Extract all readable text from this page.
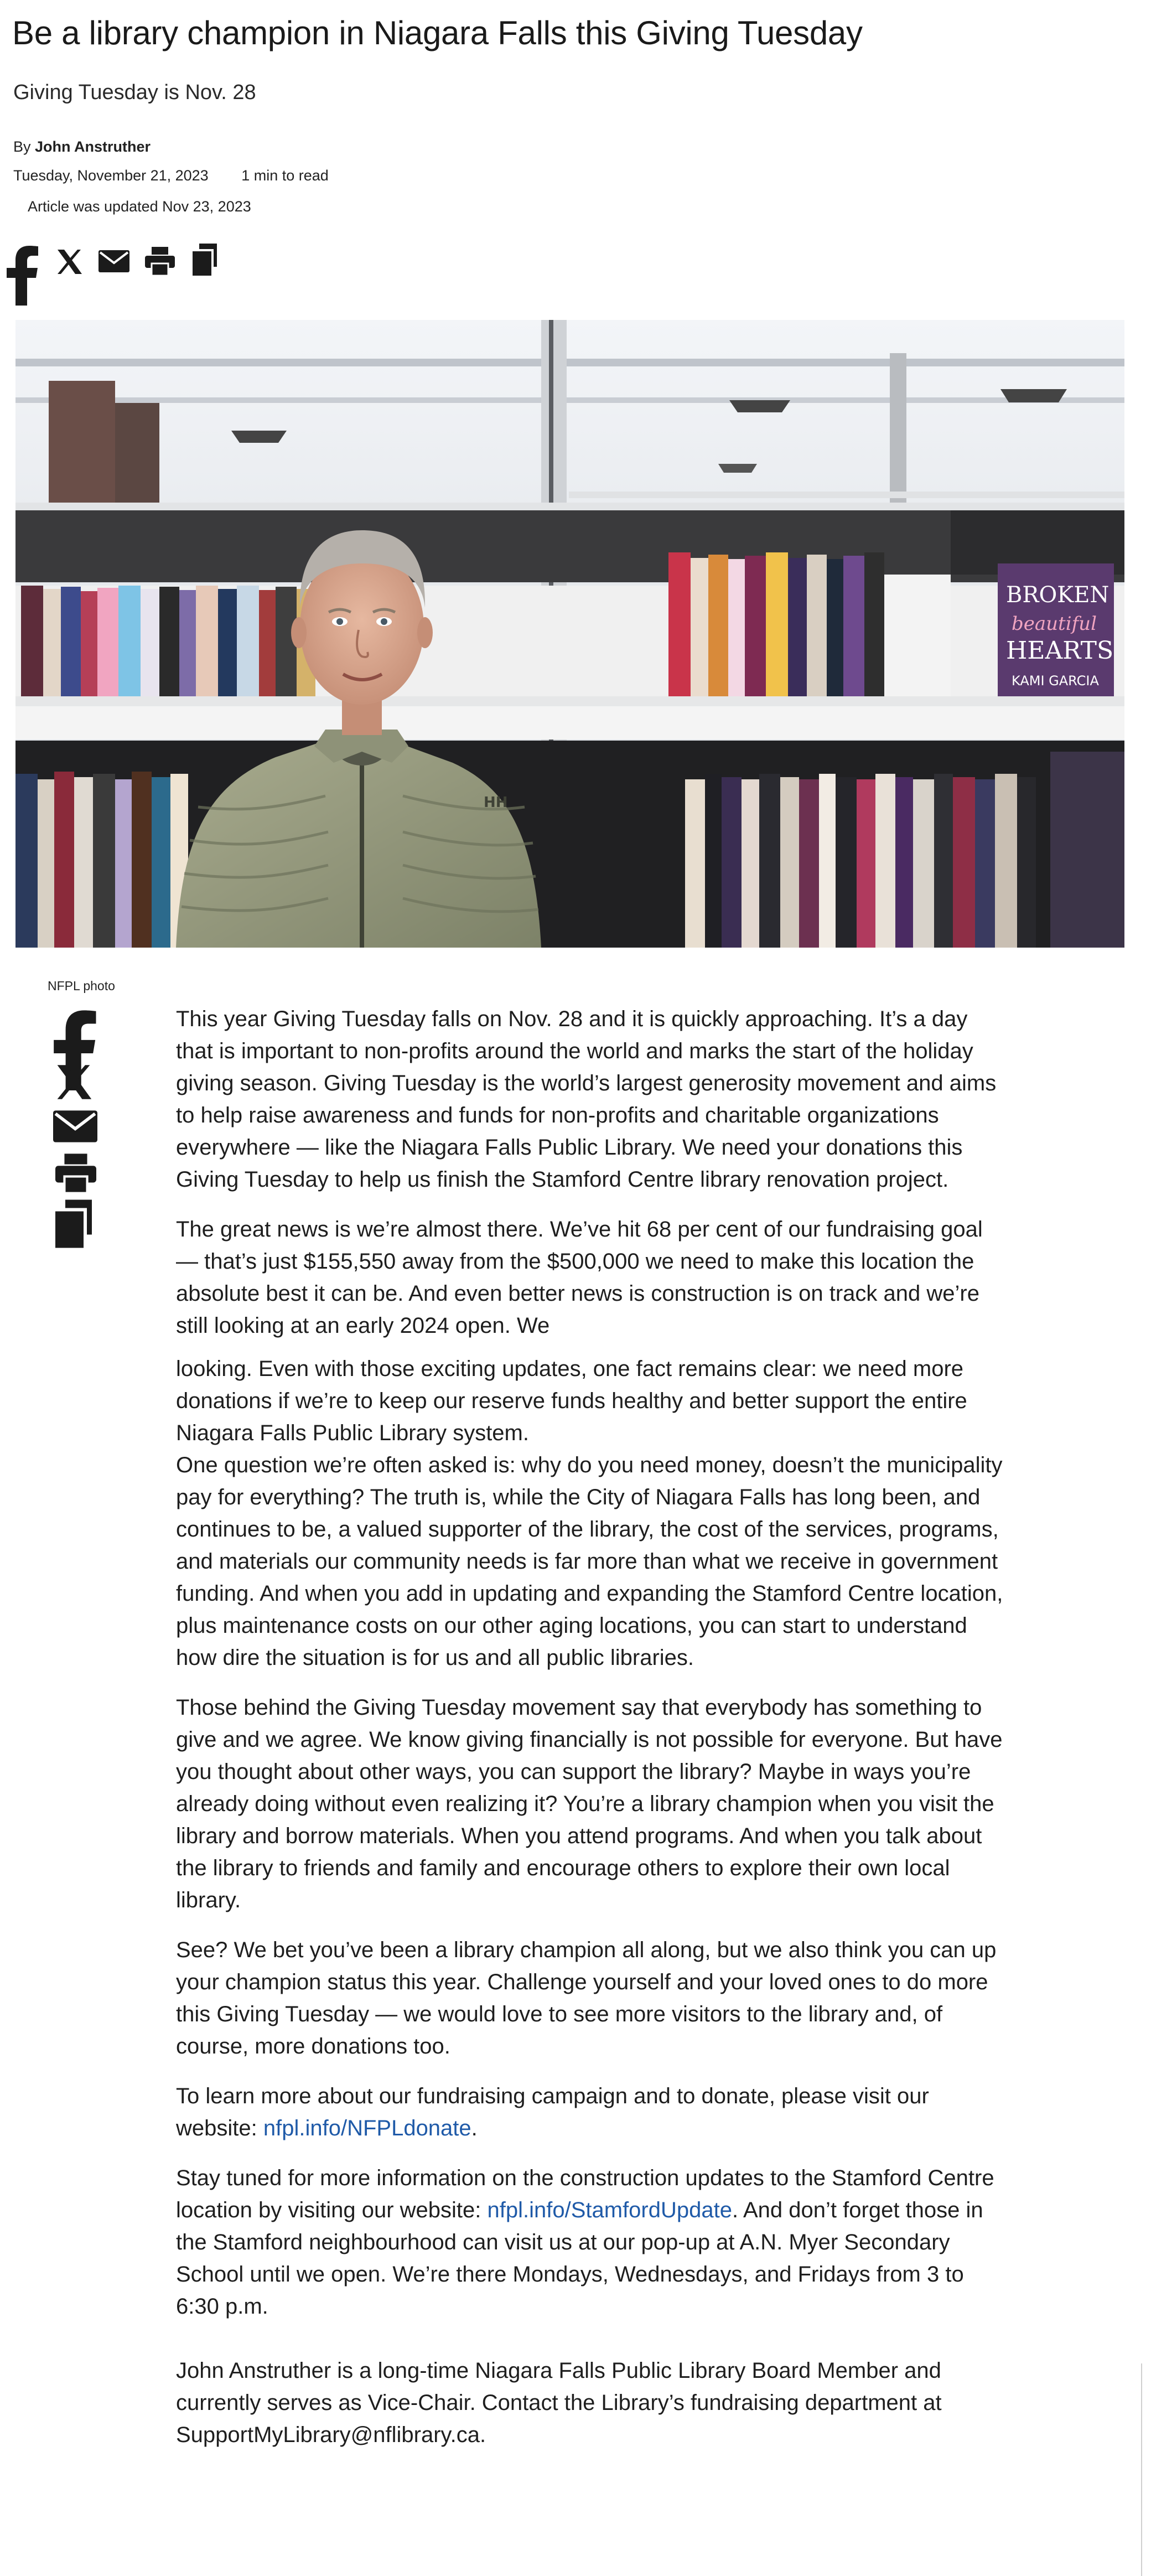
Be a library champion in Niagara Falls this Giving Tuesday
Giving Tuesday is Nov. 28
By John Anstruther
Tuesday, November 21, 2023 1 min to read
Article was updated Nov 23, 2023
BROKEN
beautiful
HEARTS
KAMI GARCIA
HH
NFPL photo

This year Giving Tuesday falls on Nov. 28 and it is quickly approaching. It’s a day that is important to non-profits around the world and marks the start of the holiday giving season. Giving Tuesday is the world’s largest generosity movement and aims to help raise awareness and funds for non-profits and charitable organizations everywhere — like the Niagara Falls Public Library. We need your donations this Giving Tuesday to help us finish the Stamford Centre library renovation project.

The great news is we’re almost there. We’ve hit 68 per cent of our fundraising goal — that’s just $155,550 away from the $500,000 we need to make this location the absolute best it can be. And even better news is construction is on track and we’re still looking at an early 2024 open. We

looking. Even with those exciting updates, one fact remains clear: we need more donations if we’re to keep our reserve funds healthy and better support the entire Niagara Falls Public Library system.

One question we’re often asked is: why do you need money, doesn’t the municipality pay for everything? The truth is, while the City of Niagara Falls has long been, and continues to be, a valued supporter of the library, the cost of the services, programs, and materials our community needs is far more than what we receive in government funding. And when you add in updating and expanding the Stamford Centre location, plus maintenance costs on our other aging locations, you can start to understand how dire the situation is for us and all public libraries.

Those behind the Giving Tuesday movement say that everybody has something to give and we agree. We know giving financially is not possible for everyone. But have you thought about other ways, you can support the library? Maybe in ways you’re already doing without even realizing it? You’re a library champion when you visit the library and borrow materials. When you attend programs. And when you talk about the library to friends and family and encourage others to explore their own local library.

See? We bet you’ve been a library champion all along, but we also think you can up your champion status this year. Challenge yourself and your loved ones to do more this Giving Tuesday — we would love to see more visitors to the library and, of course, more donations too.

To learn more about our fundraising campaign and to donate, please visit our website: nfpl.info/NFPLdonate.

Stay tuned for more information on the construction updates to the Stamford Centre location by visiting our website: nfpl.info/StamfordUpdate. And don’t forget those in the Stamford neighbourhood can visit us at our pop-up at A.N. Myer Secondary School until we open. We’re there Mondays, Wednesdays, and Fridays from 3 to 6:30 p.m.

John Anstruther is a long-time Niagara Falls Public Library Board Member and currently serves as Vice-Chair. Contact the Library’s fundraising department at SupportMyLibrary@nflibrary.ca.
